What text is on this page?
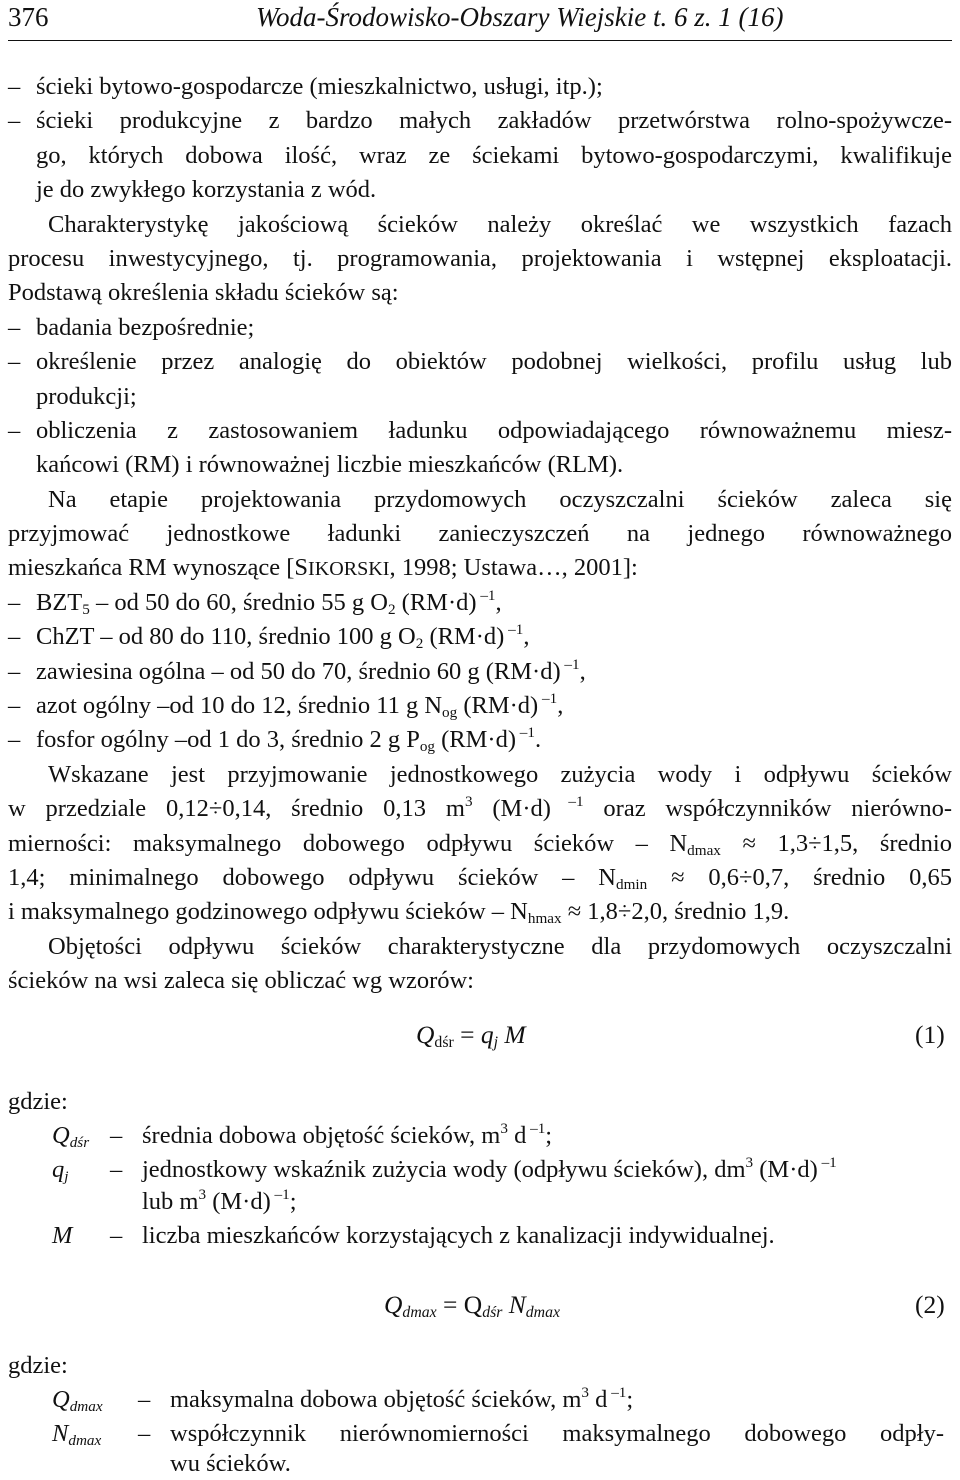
376	Woda-Środowisko-Obszary Wiejskie t. 6 z. 1 (16)
– ścieki bytowo-gospodarcze (mieszkalnictwo, usługi, itp.);
– ścieki produkcyjne z bardzo małych zakładów przetwórstwa rolno-spożywcze-
go, których dobowa ilość, wraz ze ściekami bytowo-gospodarczymi, kwalifikuje
je do zwykłego korzystania z wód.
Charakterystykę jakościową ścieków należy określać we wszystkich fazach
procesu inwestycyjnego, tj. programowania, projektowania i wstępnej eksploatacji.
Podstawą określenia składu ścieków są:
– badania bezpośrednie;
– określenie przez analogię do obiektów podobnej wielkości, profilu usług lub
produkcji;
– obliczenia z zastosowaniem ładunku odpowiadającego równoważnemu miesz-
kańcowi (RM) i równoważnej liczbie mieszkańców (RLM).
Na etapie projektowania przydomowych oczyszczalni ścieków zaleca się
przyjmować jednostkowe ładunki zanieczyszczeń na jednego równoważnego
mieszkańca RM wynoszące [SIKORSKI, 1998; Ustawa…, 2001]:
– $BZT_5$ – od 50 do 60, średnio 55 g $O_2$ (RM·d) $^{-1}$,
– ChZT – od 80 do 110, średnio 100 g $O_2$ (RM·d) $^{-1}$,
– zawiesina ogólna – od 50 do 70, średnio 60 g (RM·d) $^{-1}$,
– azot ogólny –od 10 do 12, średnio 11 g $N_{og}$ (RM·d) $^{-1}$,
– fosfor ogólny –od 1 do 3, średnio 2 g $P_{og}$ (RM·d) $^{-1}$.
Wskazane jest przyjmowanie jednostkowego zużycia wody i odpływu ścieków
w przedziale 0,12÷0,14, średnio 0,13 $m^3$ (M·d) $^{-1}$ oraz współczynników nierówno-
mierności: maksymalnego dobowego odpływu ścieków – $N_{dmax} \approx 1,3\div 1,5$, średnio
1,4; minimalnego dobowego odpływu ścieków – $N_{dmin} \approx 0,6\div 0,7$, średnio 0,65
i maksymalnego godzinowego odpływu ścieków – $N_{hmax} \approx 1,8\div 2,0$, średnio 1,9.
Objętości odpływu ścieków charakterystyczne dla przydomowych oczyszczalni
ścieków na wsi zaleca się obliczać wg wzorów:
$Q_{dśr} = q_j$ M	(1)
gdzie:
$Q_{dśr}$ – średnia dobowa objętość ścieków, $m^3$ d $^{-1}$;
$q_j$ – jednostkowy wskaźnik zużycia wody (odpływu ścieków), $dm^3$ (M·d) $^{-1}$
lub $m^3$ (M·d) $^{-1}$;
M – liczba mieszkańców korzystających z kanalizacji indywidualnej.
$Q_{dmax} = Q_{dśr}$ $N_{dmax}$	(2)
gdzie:
$Q_{dmax}$ – maksymalna dobowa objętość ścieków, $m^3$ d $^{-1}$;
$N_{dmax}$ – współczynnik nierównomierności maksymalnego dobowego odpły-
wu ścieków.
